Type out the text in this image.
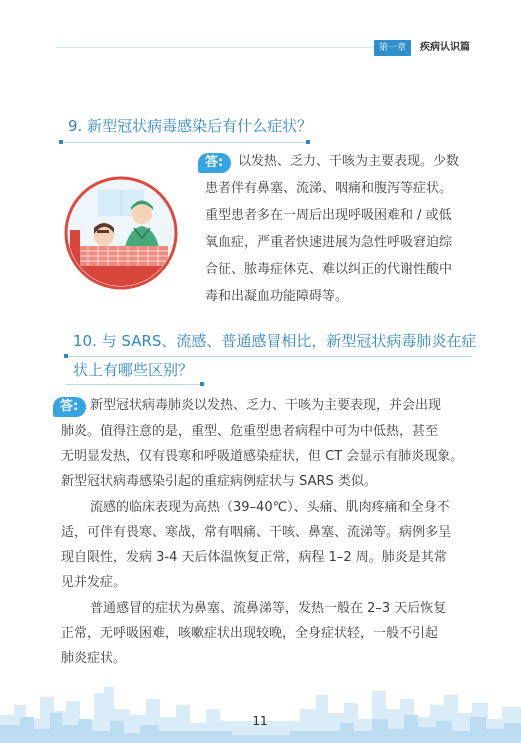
第一章	疾病认识篇
9. 新型冠状病毒感染后有什么症状？
答:	以发热、乏力、干咳为主要表现。少数
患者伴有鼻塞、流涕、咽痛和腹泻等症状。
重型患者多在一周后出现呼吸困难和 / 或低
氧血症，严重者快速进展为急性呼吸窘迫综
合征、脓毒症休克、难以纠正的代谢性酸中
毒和出凝血功能障碍等。
10. 与 SARS、流感、普通感冒相比，新型冠状病毒肺炎在症
状上有哪些区别？
答: 新型冠状病毒肺炎以发热、乏力、干咳为主要表现，并会出现
肺炎。值得注意的是，重型、危重型患者病程中可为中低热，甚至
无明显发热，仅有畏寒和呼吸道感染症状，但 CT 会显示有肺炎现象。
新型冠状病毒感染引起的重症病例症状与 SARS 类似。
流感的临床表现为高热（39–40℃）、头痛、肌肉疼痛和全身不
适，可伴有畏寒、寒战，常有咽痛、干咳、鼻塞、流涕等。病例多呈
现自限性，发病 3-4 天后体温恢复正常，病程 1–2 周。肺炎是其常
见并发症。
普通感冒的症状为鼻塞、流鼻涕等，发热一般在 2–3 天后恢复
正常，无呼吸困难，咳嗽症状出现较晚，全身症状轻，一般不引起
肺炎症状。
11
